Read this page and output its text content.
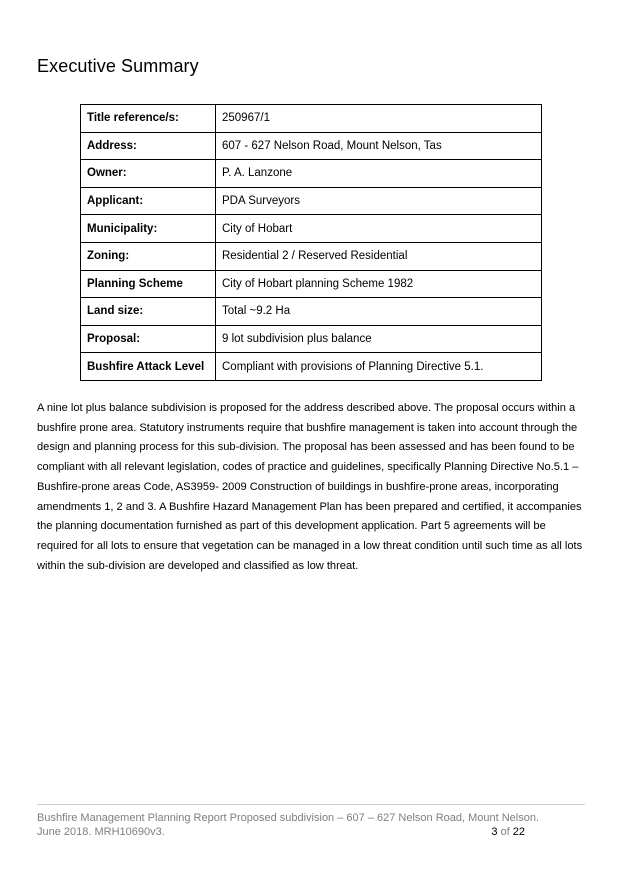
Executive Summary
Title reference/s:	250967/1
Address:	607 - 627 Nelson Road, Mount Nelson, Tas
Owner:	P. A. Lanzone
Applicant:	PDA Surveyors
Municipality:	City of Hobart
Zoning:	Residential 2 / Reserved Residential
Planning Scheme	City of Hobart planning Scheme 1982
Land size:	Total ~9.2 Ha
Proposal:	9 lot subdivision plus balance
Bushfire Attack Level	Compliant with provisions of Planning Directive 5.1.

A nine lot plus balance subdivision is proposed for the address described above. The proposal occurs within a bushfire prone area. Statutory instruments require that bushfire management is taken into account through the design and planning process for this sub-division. The proposal has been assessed and has been found to be compliant with all relevant legislation, codes of practice and guidelines, specifically Planning Directive No.5.1 – Bushfire-prone areas Code, AS3959- 2009 Construction of buildings in bushfire-prone areas, incorporating amendments 1, 2 and 3. A Bushfire Hazard Management Plan has been prepared and certified, it accompanies the planning documentation furnished as part of this development application. Part 5 agreements will be required for all lots to ensure that vegetation can be managed in a low threat condition until such time as all lots within the sub-division are developed and classified as low threat.

Bushfire Management Planning Report Proposed subdivision – 607 – 627 Nelson Road, Mount Nelson.
June 2018. MRH10690v3.	3 of 22
